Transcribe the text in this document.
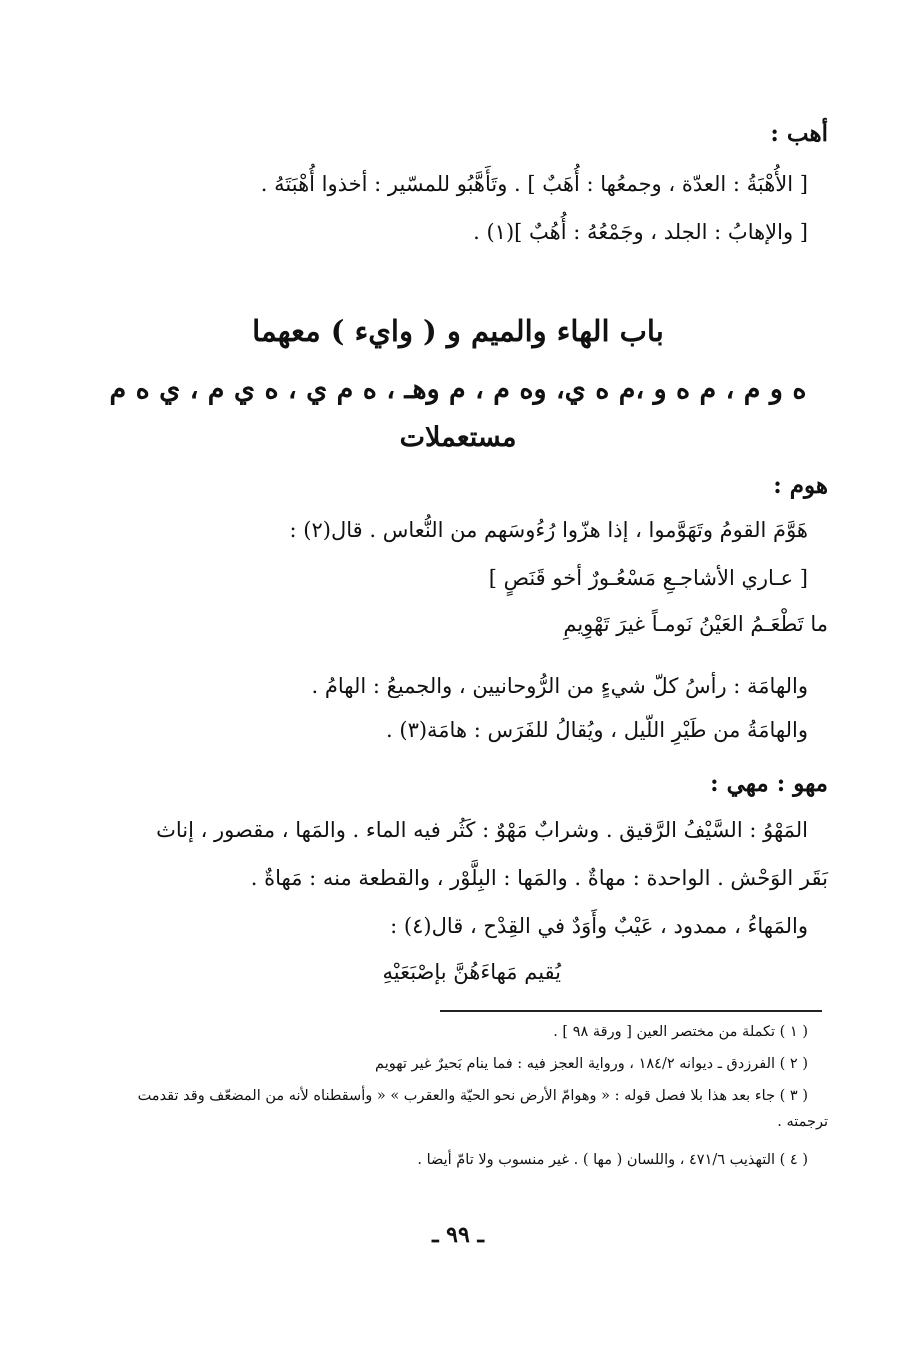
أهب :
[ الأُهْبَةُ : العدّة ، وجمعُها : أُهَبٌ ] . وتَأَهَّبُو للمسّير : أخذوا أُهْبَتَهُ .
[ والإهابُ : الجلد ، وجَمْعُهُ : أُهُبٌ ](١) .
باب الهاء والميم و ( وايء ) معهما
ه و م ، م ه و ،م ه ي، وه م ، م وهـ ، ه م ي ، ه ي م ، ي ه م
مستعملات
هوم :
هَوَّمَ القومُ وتَهَوَّموا ، إذا هزّوا رُءُوسَهم من النُّعاس . قال(٢) :
[ عـاري الأشاجـعِ مَسْعُـورٌ أخو قَنَصٍ ]
ما تَطْعَـمُ العَيْنُ نَومـاً غيرَ تَهْوِيمِ
والهامَة : رأسُ كلّ شيءٍ من الرُّوحانيين ، والجميعُ : الهامُ .
والهامَةُ من طَيْرِ اللّيل ، ويُقالُ للفَرَس : هامَة(٣) .
مهو : مهي :
المَهْوُ : السَّيْفُ الرَّقيق . وشرابٌ مَهْوٌ : كَثُر فيه الماء . والمَها ، مقصور ، إناث
بَقَر الوَحْش . الواحدة : مهاةٌ . والمَها : البِلَّوْر ، والقطعة منه : مَهاةٌ .
والمَهاءُ ، ممدود ، عَيْبٌ وأَوَدٌ في القِدْح ، قال(٤) :
يُقيم مَهاءَهُنَّ بإصْبَعَيْهِ
( ١ ) تكملة من مختصر العين [ ورقة ٩٨ ] .
( ٢ ) الفرزدق ـ ديوانه ١٨٤/٢ ، ورواية العجز فيه : فما ينام بَحيرٌ غير تهويم
( ٣ ) جاء بعد هذا بلا فصل قوله : « وهوامّ الأرض نحو الحيّة والعقرب » « وأسقطناه لأنه من المضعّف وقد تقدمت
ترجمته .
( ٤ ) التهذيب ٤٧١/٦ ، واللسان ( مها ) . غير منسوب ولا تامّ أيضا .
ـ ٩٩ ـ
